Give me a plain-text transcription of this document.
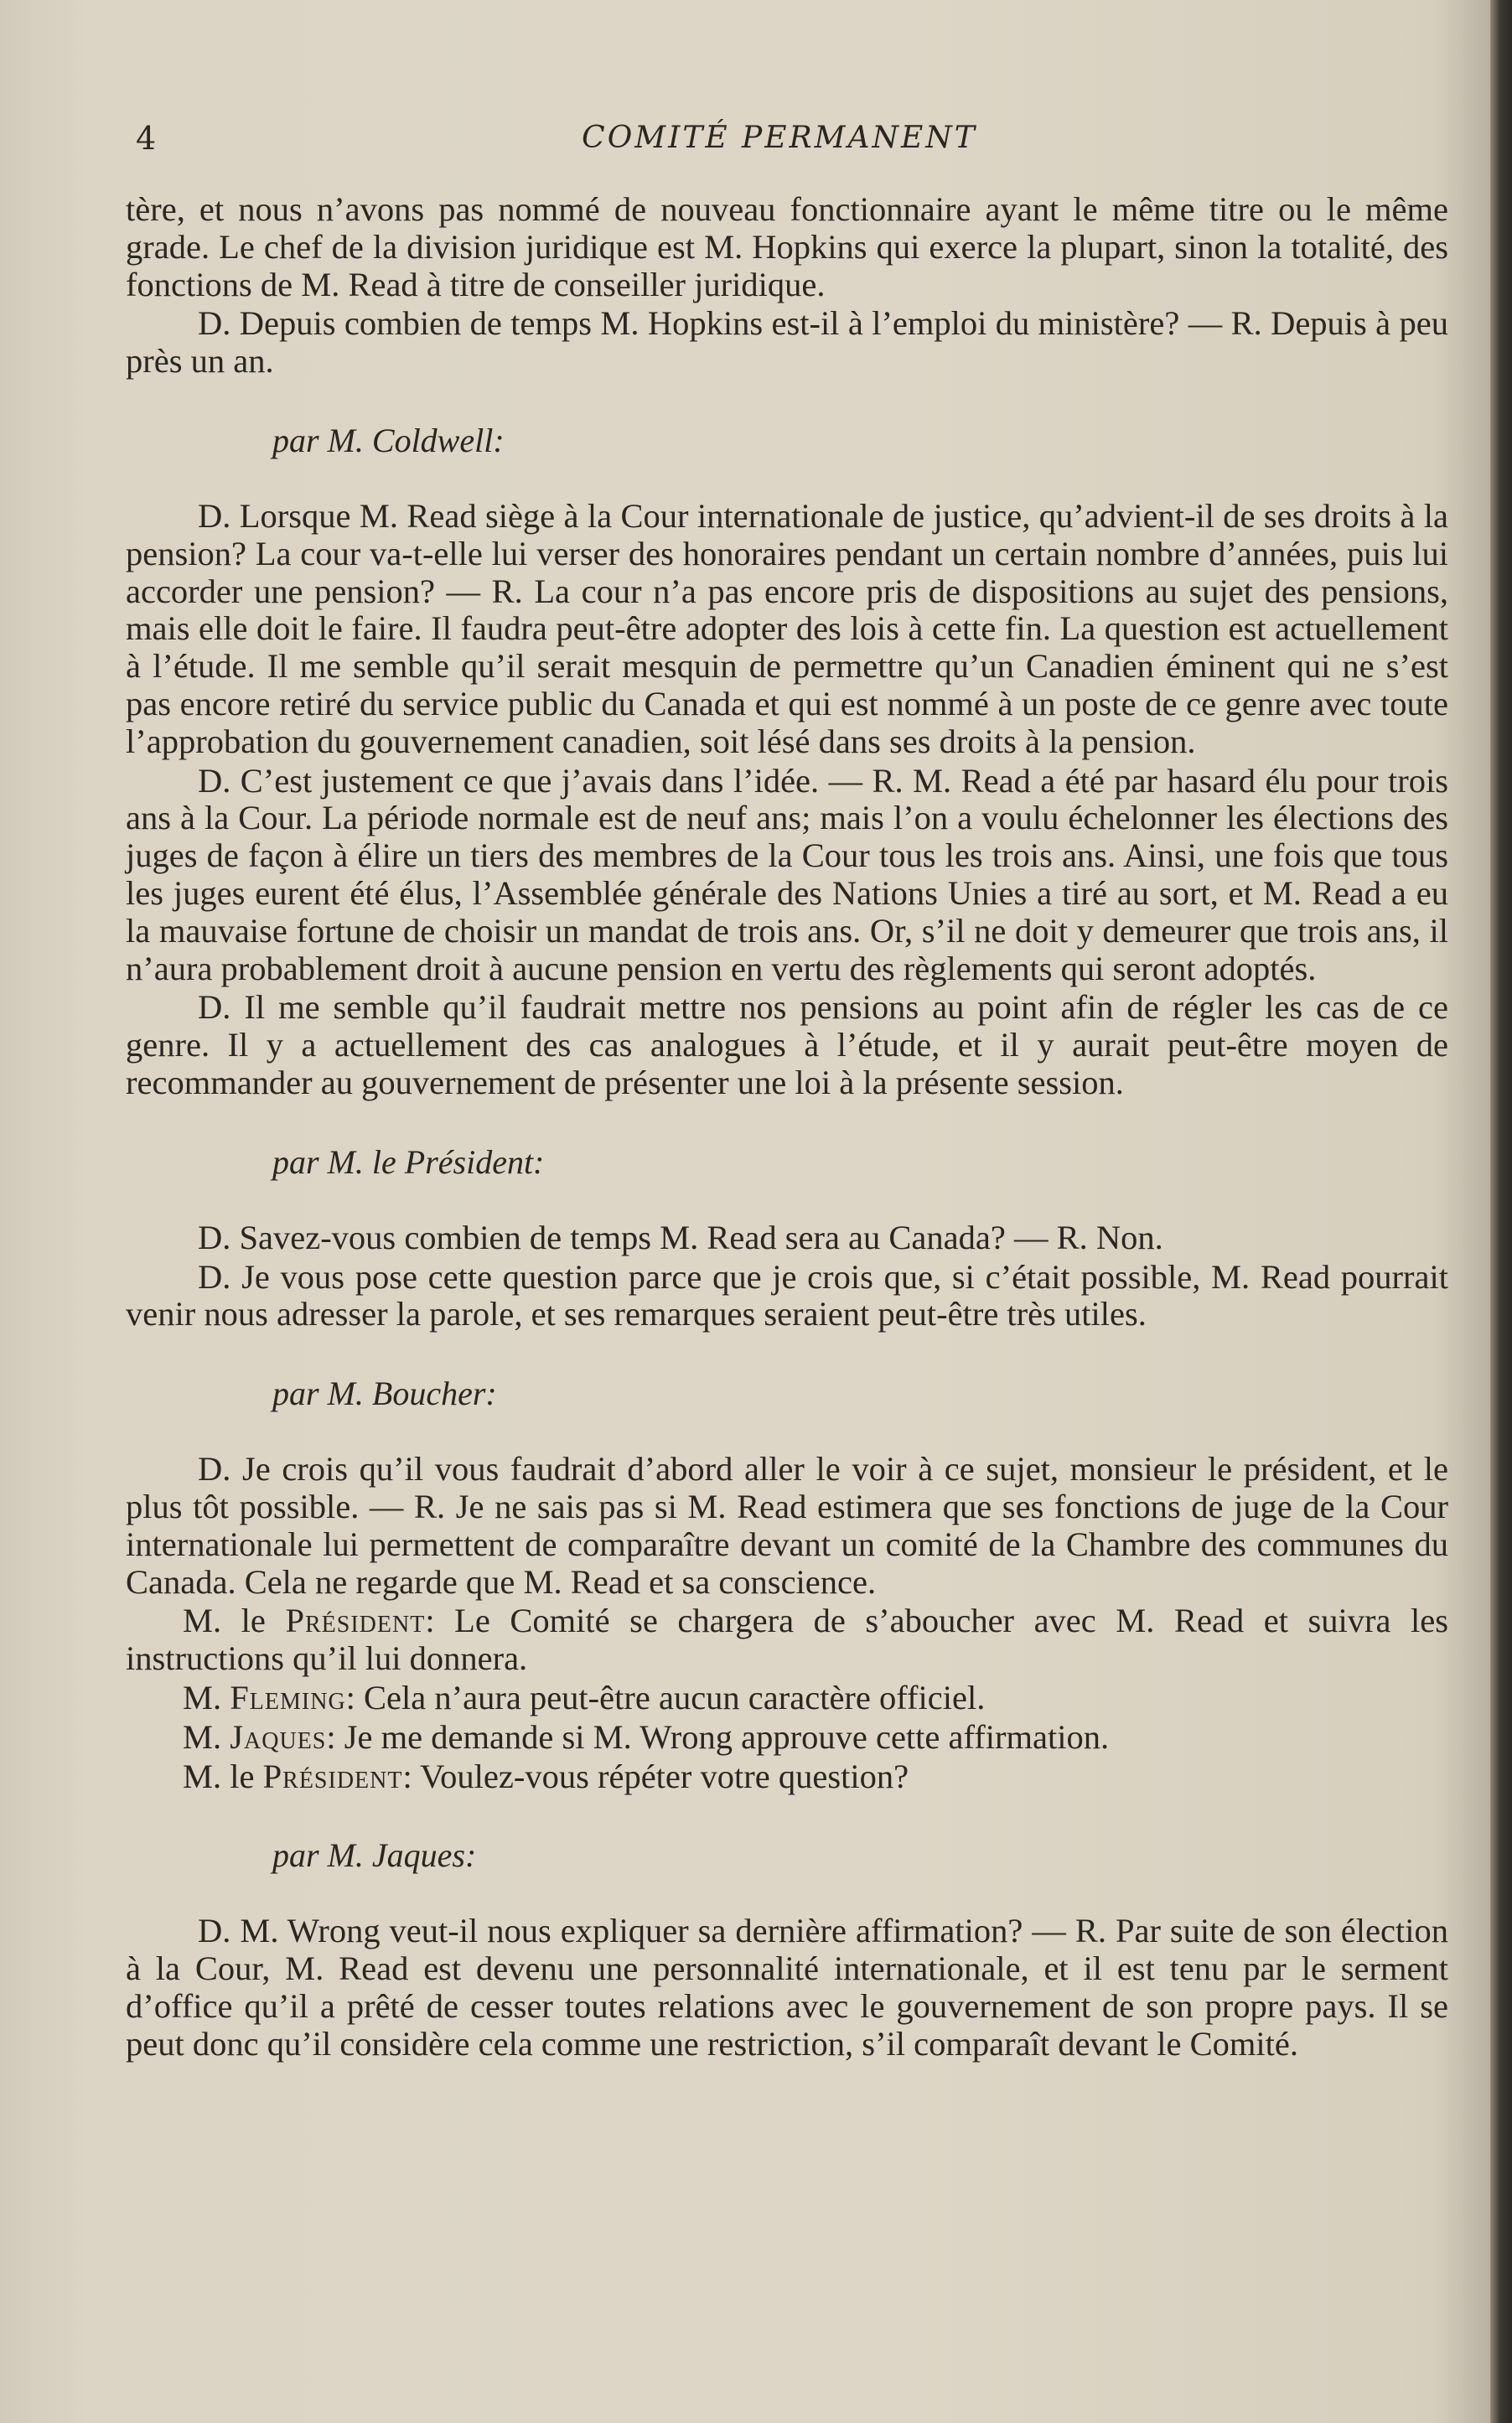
4	COMITÉ PERMANENT

tère, et nous n’avons pas nommé de nouveau fonctionnaire ayant le même titre ou le même grade. Le chef de la division juridique est M. Hopkins qui exerce la plupart, sinon la totalité, des fonctions de M. Read à titre de conseiller juridique.

D. Depuis combien de temps M. Hopkins est-il à l’emploi du ministère? — R. Depuis à peu près un an.

par M. Coldwell:

D. Lorsque M. Read siège à la Cour internationale de justice, qu’advient-il de ses droits à la pension? La cour va-t-elle lui verser des honoraires pendant un certain nombre d’années, puis lui accorder une pension? — R. La cour n’a pas encore pris de dispositions au sujet des pensions, mais elle doit le faire. Il faudra peut-être adopter des lois à cette fin. La question est actuellement à l’étude. Il me semble qu’il serait mesquin de permettre qu’un Canadien éminent qui ne s’est pas encore retiré du service public du Canada et qui est nommé à un poste de ce genre avec toute l’approbation du gouvernement canadien, soit lésé dans ses droits à la pension.

D. C’est justement ce que j’avais dans l’idée. — R. M. Read a été par hasard élu pour trois ans à la Cour. La période normale est de neuf ans; mais l’on a voulu échelonner les élections des juges de façon à élire un tiers des membres de la Cour tous les trois ans. Ainsi, une fois que tous les juges eurent été élus, l’Assemblée générale des Nations Unies a tiré au sort, et M. Read a eu la mauvaise fortune de choisir un mandat de trois ans. Or, s’il ne doit y demeurer que trois ans, il n’aura probablement droit à aucune pension en vertu des règlements qui seront adoptés.

D. Il me semble qu’il faudrait mettre nos pensions au point afin de régler les cas de ce genre. Il y a actuellement des cas analogues à l’étude, et il y aurait peut-être moyen de recommander au gouvernement de présenter une loi à la présente session.

par M. le Président:

D. Savez-vous combien de temps M. Read sera au Canada? — R. Non.

D. Je vous pose cette question parce que je crois que, si c’était possible, M. Read pourrait venir nous adresser la parole, et ses remarques seraient peut-être très utiles.

par M. Boucher:

D. Je crois qu’il vous faudrait d’abord aller le voir à ce sujet, monsieur le président, et le plus tôt possible. — R. Je ne sais pas si M. Read estimera que ses fonctions de juge de la Cour internationale lui permettent de comparaître devant un comité de la Chambre des communes du Canada. Cela ne regarde que M. Read et sa conscience.

M. le Président: Le Comité se chargera de s’aboucher avec M. Read et suivra les instructions qu’il lui donnera.

M. Fleming: Cela n’aura peut-être aucun caractère officiel.

M. Jaques: Je me demande si M. Wrong approuve cette affirmation.

M. le Président: Voulez-vous répéter votre question?

par M. Jaques:

D. M. Wrong veut-il nous expliquer sa dernière affirmation? — R. Par suite de son élection à la Cour, M. Read est devenu une personnalité internationale, et il est tenu par le serment d’office qu’il a prêté de cesser toutes relations avec le gouvernement de son propre pays. Il se peut donc qu’il considère cela comme une restriction, s’il comparaît devant le Comité.
